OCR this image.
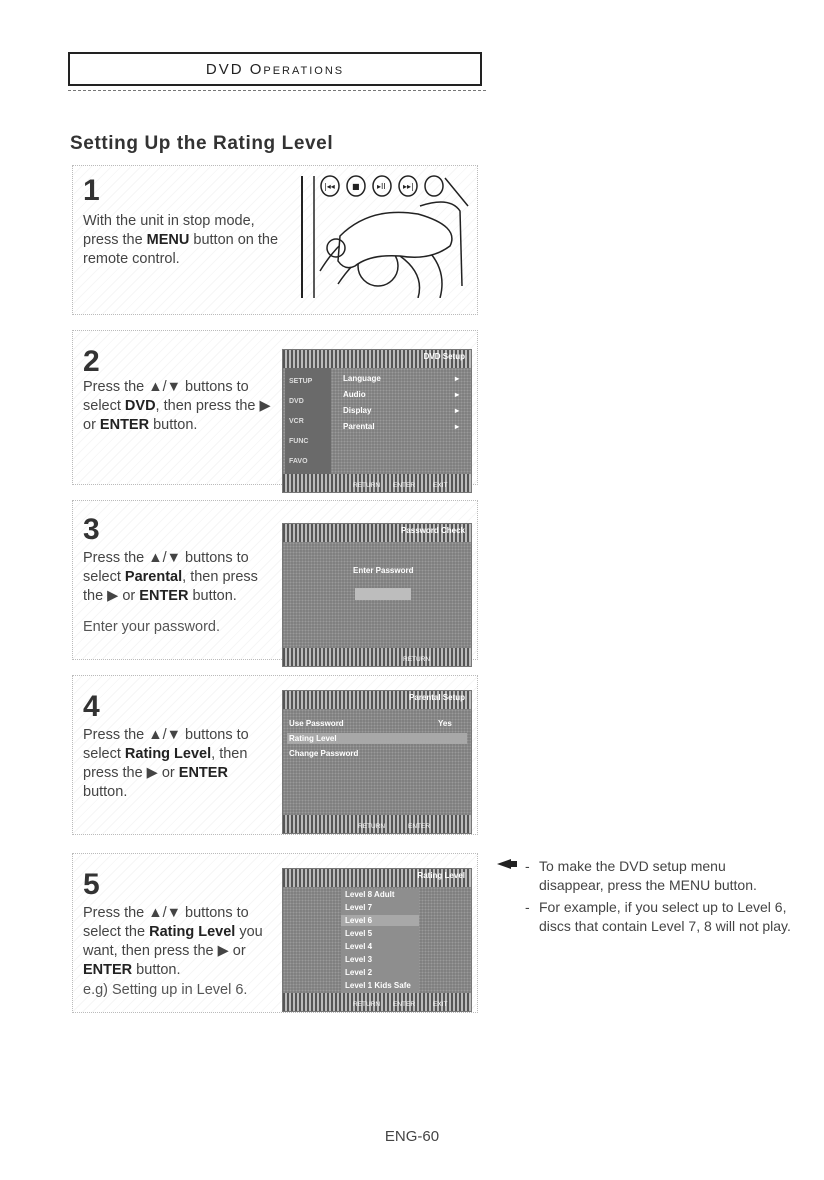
DVD Operations
Setting Up the Rating Level
1
With the unit in stop mode,
press the MENU button on the
remote control.
|◂◂ ■ ▸II ▸▸|
2
Press the ▲/▼ buttons to
select DVD, then press the ▶
or ENTER button.
DVD Setup
SETUP
DVD
VCR
FUNC
FAVO
Language
Audio
Display
Parental
▸
▸
▸
▸
RETURN ENTER	EXIT
3
Press the ▲/▼ buttons to
select Parental, then press
the ▶ or ENTER button.
Enter your password.
Password Check
Enter Password
RETURN
4
Press the ▲/▼ buttons to
select Rating Level, then
press the ▶ or ENTER
button.
Parental Setup
Use Password	Yes
Rating Level
Change Password
RETURN	ENTER
5
Press the ▲/▼ buttons to
select the Rating Level you
want, then press the ▶ or
ENTER button.
e.g) Setting up in Level 6.
Rating Level
Level 8 Adult
Level 7
Level 6
Level 5
Level 4
Level 3
Level 2
Level 1 Kids Safe
RETURN ENTER	EXIT
- To make the DVD setup menu disappear, press the MENU button.
- For example, if you select up to Level 6, discs that contain Level 7, 8 will not play.
ENG-60
